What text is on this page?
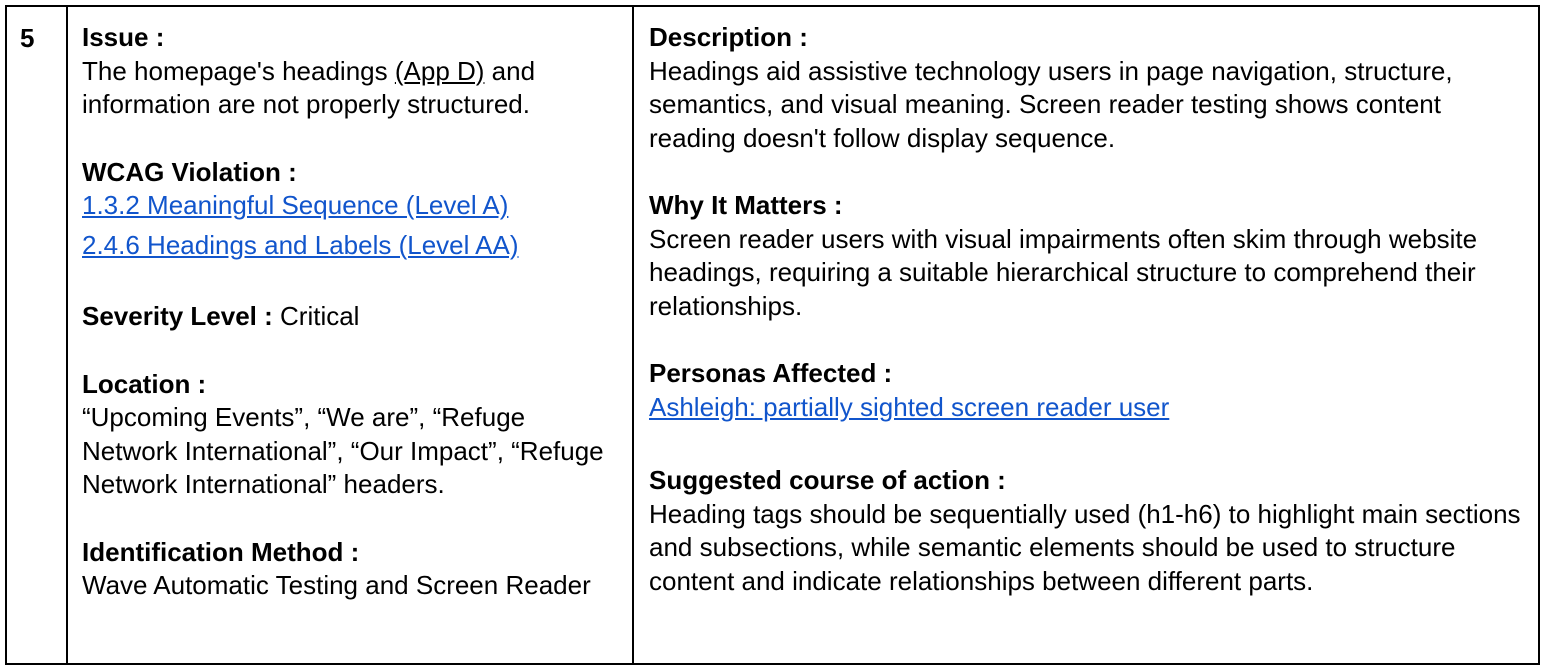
5 Issue :
The homepage's headings (App D) and information are not properly structured.
WCAG Violation :
1.3.2 Meaningful Sequence (Level A)
2.4.6 Headings and Labels (Level AA)
Severity Level : Critical
Location :
“Upcoming Events”, “We are”, “Refuge Network International”, “Our Impact”, “Refuge Network International” headers.
Identification Method :
Wave Automatic Testing and Screen Reader
Description :
Headings aid assistive technology users in page navigation, structure, semantics, and visual meaning. Screen reader testing shows content reading doesn't follow display sequence.
Why It Matters :
Screen reader users with visual impairments often skim through website headings, requiring a suitable hierarchical structure to comprehend their relationships.
Personas Affected :
Ashleigh: partially sighted screen reader user
Suggested course of action :
Heading tags should be sequentially used (h1-h6) to highlight main sections and subsections, while semantic elements should be used to structure content and indicate relationships between different parts.
